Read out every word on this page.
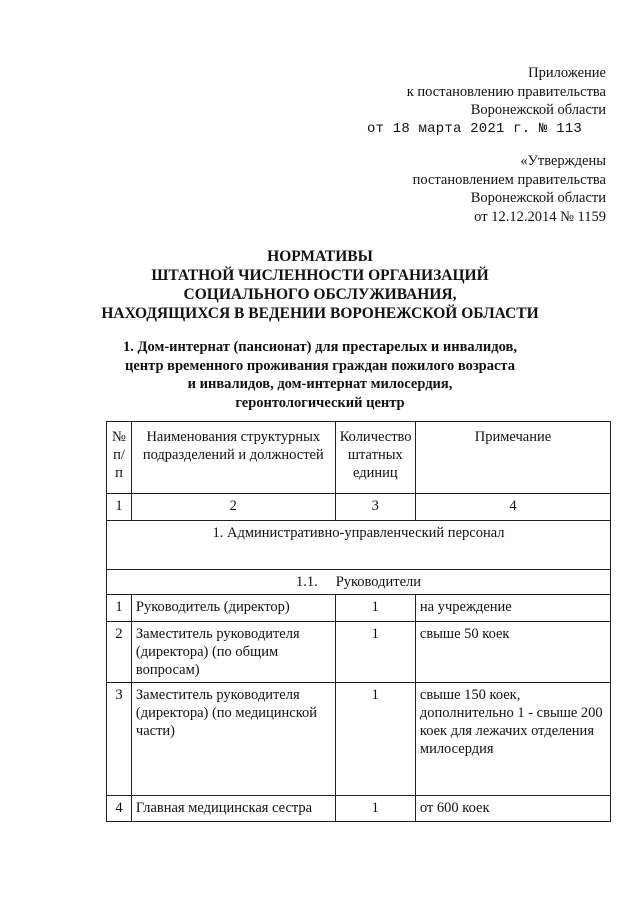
Приложение
к постановлению правительства
Воронежской области
от 18 марта 2021 г. № 113
«Утверждены
постановлением правительства
Воронежской области
от 12.12.2014 № 1159
НОРМАТИВЫ
ШТАТНОЙ ЧИСЛЕННОСТИ ОРГАНИЗАЦИЙ
СОЦИАЛЬНОГО ОБСЛУЖИВАНИЯ,
НАХОДЯЩИХСЯ В ВЕДЕНИИ ВОРОНЕЖСКОЙ ОБЛАСТИ
1. Дом-интернат (пансионат) для престарелых и инвалидов,
центр временного проживания граждан пожилого возраста
и инвалидов, дом-интернат милосердия,
геронтологический центр
№ п/п	Наименования структурных подразделений и должностей	Количество штатных единиц	Примечание
1	2	3	4
1. Административно-управленческий персонал			
1.1. Руководители			
1	Руководитель (директор)	1	на учреждение
2	Заместитель руководителя (директора) (по общим вопросам)	1	свыше 50 коек
3	Заместитель руководителя (директора) (по медицинской части)	1	свыше 150 коек, дополнительно 1 - свыше 200 коек для лежачих отделения милосердия
4	Главная медицинская сестра	1	от 600 коек
